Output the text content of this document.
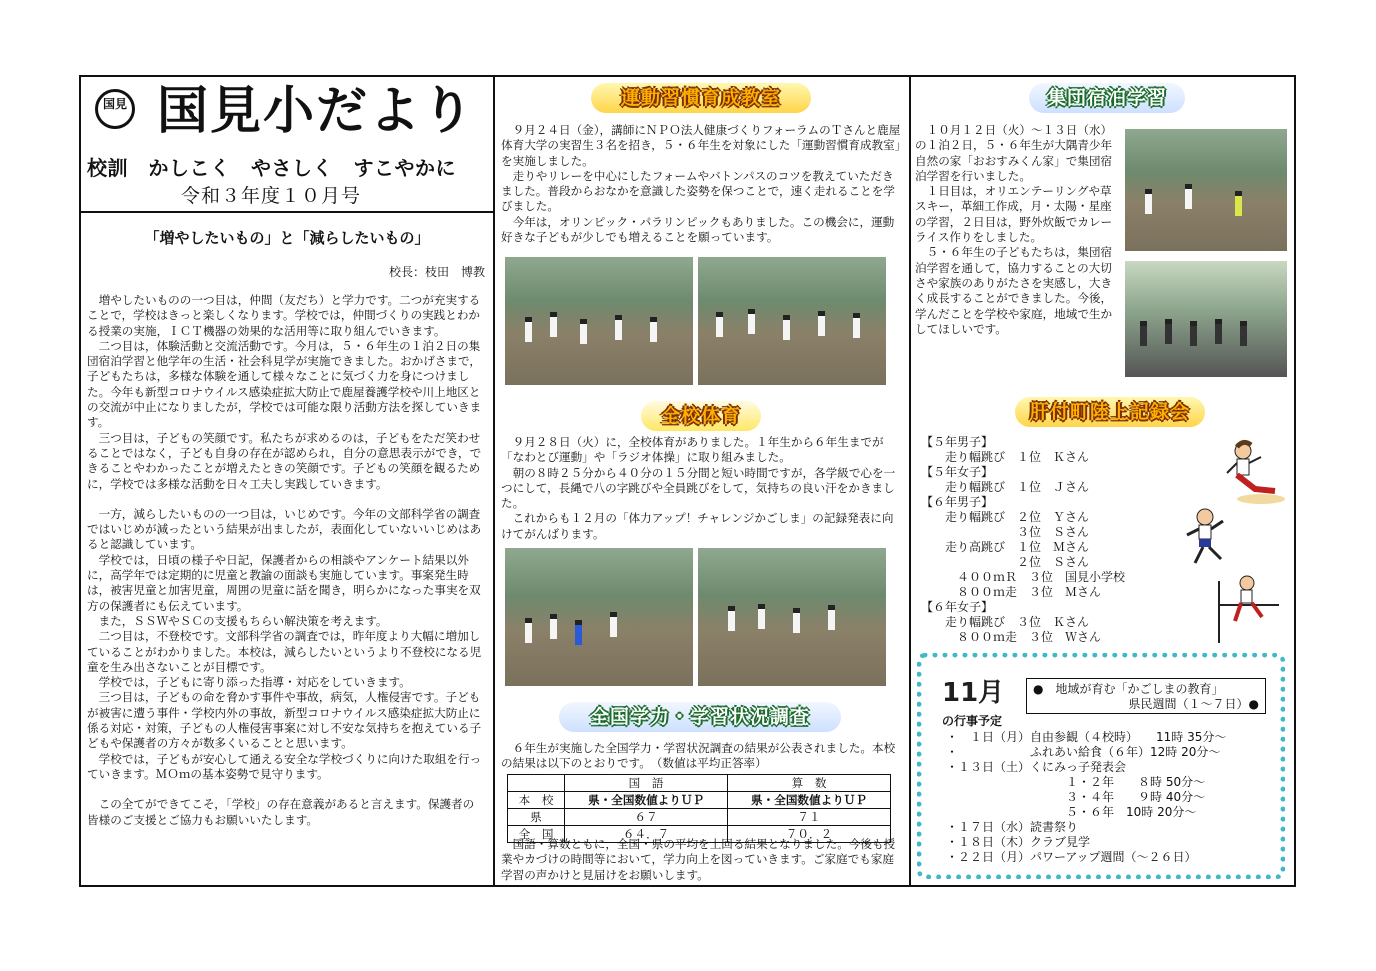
国見 国見小だより
校訓　かしこく　やさしく　すこやかに
令和３年度１０月号
「増やしたいもの」と「減らしたいもの」
校長：枝田　博教

増やしたいものの一つ目は，仲間（友だち）と学力です。二つが充実することで，学校はきっと楽しくなります。学校では，仲間づくりの実践とわかる授業の実施，ＩＣＴ機器の効果的な活用等に取り組んでいきます。

二つ目は，体験活動と交流活動です。今月は，５・６年生の１泊２日の集団宿泊学習と他学年の生活・社会科見学が実施できました。おかげさまで，子どもたちは，多様な体験を通して様々なことに気づく力を身につけました。今年も新型コロナウイルス感染症拡大防止で鹿屋養護学校や川上地区との交流が中止になりましたが，学校では可能な限り活動方法を探していきます。

三つ目は，子どもの笑顔です。私たちが求めるのは，子どもをただ笑わせることではなく，子ども自身の存在が認められ，自分の意思表示ができ，できることやわかったことが増えたときの笑顔です。子どもの笑顔を観るために，学校では多様な活動を日々工夫し実践していきます。

一方，減らしたいものの一つ目は，いじめです。今年の文部科学省の調査ではいじめが減ったという結果が出ましたが，表面化していないいじめはあると認識しています。

学校では，日頃の様子や日記，保護者からの相談やアンケート結果以外に，高学年では定期的に児童と教諭の面談も実施しています。事案発生時は，被害児童と加害児童，周囲の児童に話を聞き，明らかになった事実を双方の保護者にも伝えています。

また，ＳＳＷやＳＣの支援もちらい解決策を考えます。

二つ目は，不登校です。文部科学省の調査では，昨年度より大幅に増加していることがわかりました。本校は，減らしたいというより不登校になる児童を生み出さないことが目標です。

学校では，子どもに寄り添った指導・対応をしていきます。

三つ目は，子どもの命を脅かす事件や事故，病気，人権侵害です。子どもが被害に遭う事件・学校内外の事故，新型コロナウイルス感染症拡大防止に係る対応・対策，子どもの人権侵害事案に対し不安な気持ちを抱えている子どもや保護者の方々が数多くいることと思います。

学校では，子どもが安心して通える安全な学校づくりに向けた取組を行っていきます。ＭＯｍの基本姿勢で見守ります。

この全てができてこそ，「学校」の存在意義があると言えます。保護者の皆様のご支援とご協力もお願いいたします。

運動習慣育成教室

９月２４日（金），講師にＮＰＯ法人健康づくりフォーラムのＴさんと鹿屋体育大学の実習生３名を招き，５・６年生を対象にした「運動習慣育成教室」を実施しました。

走りやリレーを中心にしたフォームやバトンパスのコツを教えていただきました。普段からおなかを意識した姿勢を保つことで，速く走れることを学びました。

今年は，オリンピック・パラリンピックもありました。この機会に，運動好きな子どもが少しでも増えることを願っています。

全校体育

９月２８日（火）に，全校体育がありました。１年生から６年生までが「なわとび運動」や「ラジオ体操」に取り組みました。

朝の８時２５分から４０分の１５分間と短い時間ですが，各学級で心を一つにして，長縄で八の字跳びや全員跳びをして，気持ちの良い汗をかきました。

これからも１２月の「体力アップ！チャレンジかごしま」の記録発表に向けてがんばります。

全国学力・学習状況調査

６年生が実施した全国学力・学習状況調査の結果が公表されました。本校の結果は以下のとおりです。　（数値は平均正答率）

	国　語	算　数
本　校	県・全国数値よりＵＰ	県・全国数値よりＵＰ
県	６７	７１
全　国	６４．７	７０．２

国語・算数ともに，全国・県の平均を上回る結果となりました。今後も授業やカづけの時間等において，学力向上を図っていきます。ご家庭でも家庭学習の声かけと見届けをお願いします。

集団宿泊学習

１０月１２日（火）～１３日（水）の１泊２日，５・６年生が大隅青少年自然の家「おおすみくん家」で集団宿泊学習を行いました。

１日目は，オリエンテーリングや草スキー，革細工作成，月・太陽・星座の学習，２日目は，野外炊飯でカレーライス作りをしました。

５・６年生の子どもたちは，集団宿泊学習を通して，協力することの大切さや家族のありがたさを実感し，大きく成長することができました。今後，学んだことを学校や家庭，地域で生かしてほしいです。

肝付町陸上記録会
【５年男子】
　　走り幅跳び　１位　Ｋさん
【５年女子】
　　走り幅跳び　１位　Ｊさん
【６年男子】
　　走り幅跳び　２位　Ｙさん
　　　　　　　　３位　Ｓさん
　　走り高跳び　１位　Ｍさん
　　　　　　　　２位　Ｓさん
　　　４００ｍＲ　３位　国見小学校
　　　８００ｍ走　３位　Ｍさん
【６年女子】
　　走り幅跳び　３位　Ｋさん
　　　８００ｍ走　３位　Ｗさん
11月
の行事予定
●　地域が育む「かごしまの教育」
県民週間（１～７日）●
・　１日（月）自由参観（４校時）　　11時 35分～
・　　　　　　ふれあい給食（６年）12時 20分～
・１３日（土）くにみっ子発表会
　　　　　　　　　　１・２年　　８時 50分～
　　　　　　　　　　３・４年　　９時 40分～
　　　　　　　　　　５・６年　10時 20分～
・１７日（水）読書祭り
・１８日（木）クラブ見学
・２２日（月）パワーアップ週間（～２６日）
